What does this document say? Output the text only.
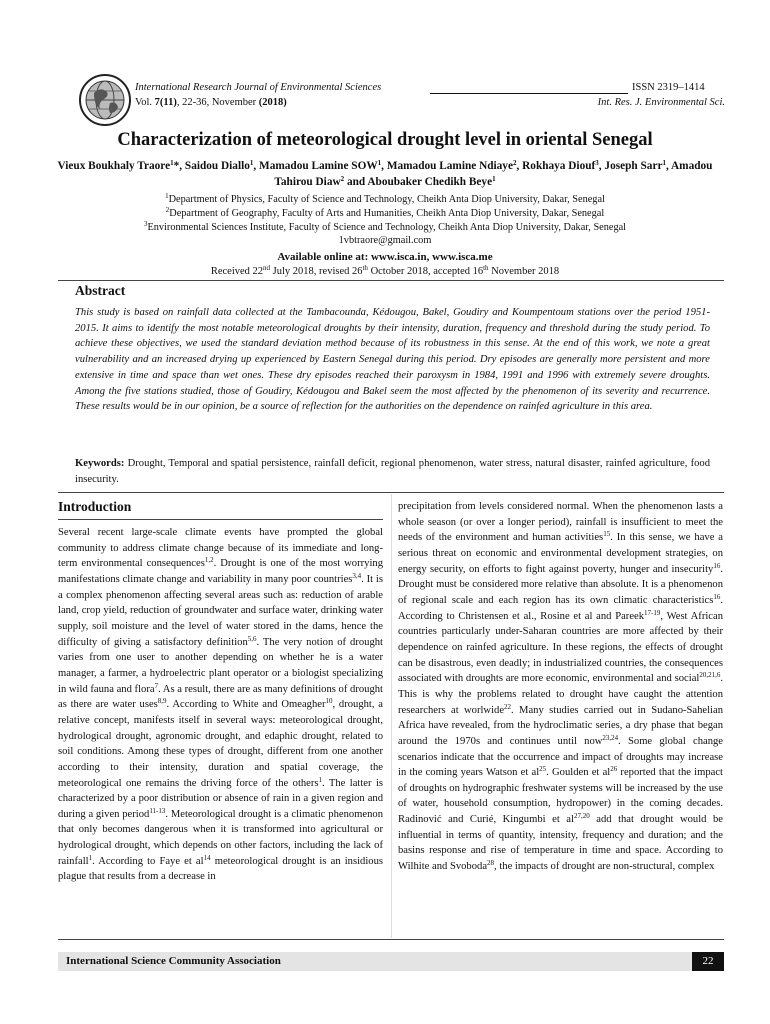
International Research Journal of Environmental Sciences	ISSN 2319–1414
Vol. 7(11), 22-36, November (2018)	Int. Res. J. Environmental Sci.
Characterization of meteorological drought level in oriental Senegal
Vieux Boukhaly Traore$^1$*, Saidou Diallo$^1$, Mamadou Lamine SOW$^1$, Mamadou Lamine Ndiaye$^2$, Rokhaya Diouf$^3$, Joseph Sarr$^1$, Amadou Tahirou Diaw$^2$ and Aboubaker Chedikh Beye$^1$
$^1$Department of Physics, Faculty of Science and Technology, Cheikh Anta Diop University, Dakar, Senegal
$^2$Department of Geography, Faculty of Arts and Humanities, Cheikh Anta Diop University, Dakar, Senegal
$^3$Environmental Sciences Institute, Faculty of Science and Technology, Cheikh Anta Diop University, Dakar, Senegal
1vbtraore@gmail.com
Available online at: www.isca.in, www.isca.me
Received 22nd July 2018, revised 26th October 2018, accepted 16th November 2018
Abstract
This study is based on rainfall data collected at the Tambacounda, Kédougou, Bakel, Goudiry and Koumpentoum stations over the period 1951-2015. It aims to identify the most notable meteorological droughts by their intensity, duration, frequency and threshold during the study period. To achieve these objectives, we used the standard deviation method because of its robustness in this sense. At the end of this work, we note a great vulnerability and an increased drying up experienced by Eastern Senegal during this period. Dry episodes are generally more persistent and more extensive in time and space than wet ones. These dry episodes reached their paroxysm in 1984, 1991 and 1996 with extremely severe droughts. Among the five stations studied, those of Goudiry, Kédougou and Bakel seem the most affected by the phenomenon of its severity and recurrence. These results would be in our opinion, be a source of reflection for the authorities on the dependence on rainfed agriculture in this area.
Keywords: Drought, Temporal and spatial persistence, rainfall deficit, regional phenomenon, water stress, natural disaster, rainfed agriculture, food insecurity.
Introduction
Several recent large-scale climate events have prompted the global community to address climate change because of its immediate and long-term environmental consequences$^{1,2}$. Drought is one of the most worrying manifestations climate change and variability in many poor countries$^{3,4}$. It is a complex phenomenon affecting several areas such as: reduction of arable land, crop yield, reduction of groundwater and surface water, drinking water supply, soil moisture and the level of water stored in the dams, hence the difficulty of giving a satisfactory definition$^{5,6}$. The very notion of drought varies from one user to another depending on whether he is a water manager, a farmer, a hydroelectric plant operator or a biologist specializing in wild fauna and flora$^7$. As a result, there are as many definitions of drought as there are water uses$^{8,9}$. According to White and Omeagher$^{10}$, drought, a relative concept, manifests itself in several ways: meteorological drought, hydrological drought, agronomic drought, and edaphic drought, related to soil conditions. Among these types of drought, different from one another according to their intensity, duration and spatial coverage, the meteorological one remains the driving force of the others$^1$. The latter is characterized by a poor distribution or absence of rain in a given region and during a given period$^{11-13}$. Meteorological drought is a climatic phenomenon that only becomes dangerous when it is transformed into agricultural or hydrological drought, which depends on other factors, including the lack of rainfall$^1$. According to Faye et $al^{14}$ meteorological drought is an insidious plague that results from a decrease in
precipitation from levels considered normal. When the phenomenon lasts a whole season (or over a longer period), rainfall is insufficient to meet the needs of the environment and human activities$^{15}$. In this sense, we have a serious threat on economic and environmental development strategies, on energy security, on efforts to fight against poverty, hunger and insecurity$^{16}$. Drought must be considered more relative than absolute. It is a phenomenon of regional scale and each region has its own climatic characteristics$^{16}$. According to Christensen et al., Rosine et al and Pareek$^{17-19}$, West African countries particularly under-Saharan countries are more affected by their dependence on rainfed agriculture. In these regions, the effects of drought can be disastrous, even deadly; in industrialized countries, the consequences associated with droughts are more economic, environmental and social$^{20,21,6}$. This is why the problems related to drought have caught the attention researchers at worlwide$^{22}$. Many studies carried out in Sudano-Sahelian Africa have revealed, from the hydroclimatic series, a dry phase that began around the 1970s and continues until now$^{23,24}$. Some global change scenarios indicate that the occurrence and impact of droughts may increase in the coming years Watson et $al^{25}$. Goulden et $al^{26}$ reported that the impact of droughts on hydrographic freshwater systems will be increased by the use of water, household consumption, hydropower) in the coming decades. Radinović and Curié, Kingumbi et al$^{27,20}$ add that drought would be influential in terms of quantity, intensity, frequency and duration; and the basins response and rise of temperature in time and space. According to Wilhite and Svoboda$^{28}$, the impacts of drought are non-structural, complex
International Science Community Association	22
